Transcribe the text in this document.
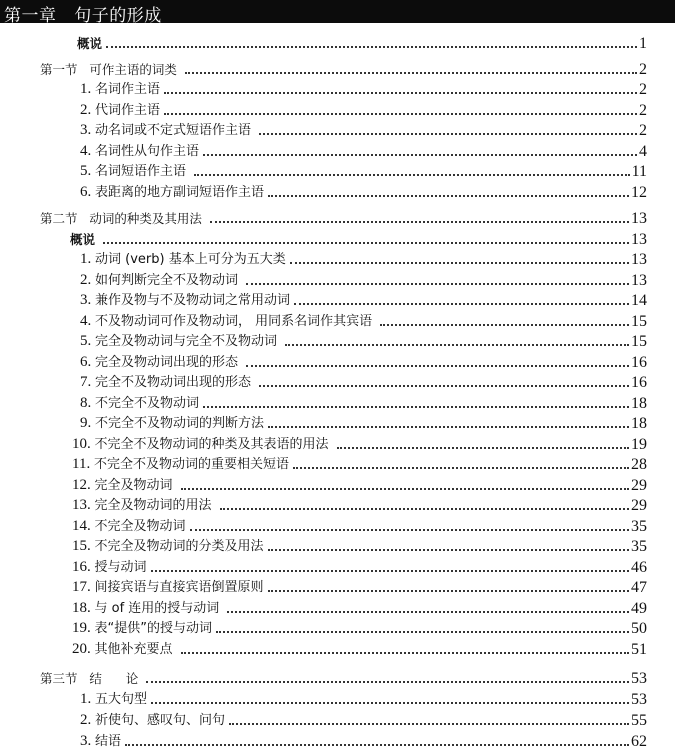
第一章   句子的形成
概说	1
第一节   可作主语的词类	2
1. 名词作主语	2
2. 代词作主语	2
3. 动名词或不定式短语作主语	2
4. 名词性从句作主语	4
5. 名词短语作主语	11
6. 表距离的地方副词短语作主语	12
第二节   动词的种类及其用法	13
概说	13
1. 动词 (verb) 基本上可分为五大类	13
2. 如何判断完全不及物动词	13
3. 兼作及物与不及物动词之常用动词	14
4. 不及物动词可作及物动词， 用同系名词作其宾语	15
5. 完全及物动词与完全不及物动词	15
6. 完全及物动词出现的形态	16
7. 完全不及物动词出现的形态	16
8. 不完全不及物动词	18
9. 不完全不及物动词的判断方法	18
10. 不完全不及物动词的种类及其表语的用法	19
11. 不完全不及物动词的重要相关短语	28
12. 完全及物动词	29
13. 完全及物动词的用法	29
14. 不完全及物动词	35
15. 不完全及物动词的分类及用法	35
16. 授与动词	46
17. 间接宾语与直接宾语倒置原则	47
18. 与 of 连用的授与动词	49
19. 表“提供”的授与动词	50
20. 其他补充要点	51
第三节   结      论	53
1. 五大句型	53
2. 祈使句、感叹句、问句	55
3. 结语	62
